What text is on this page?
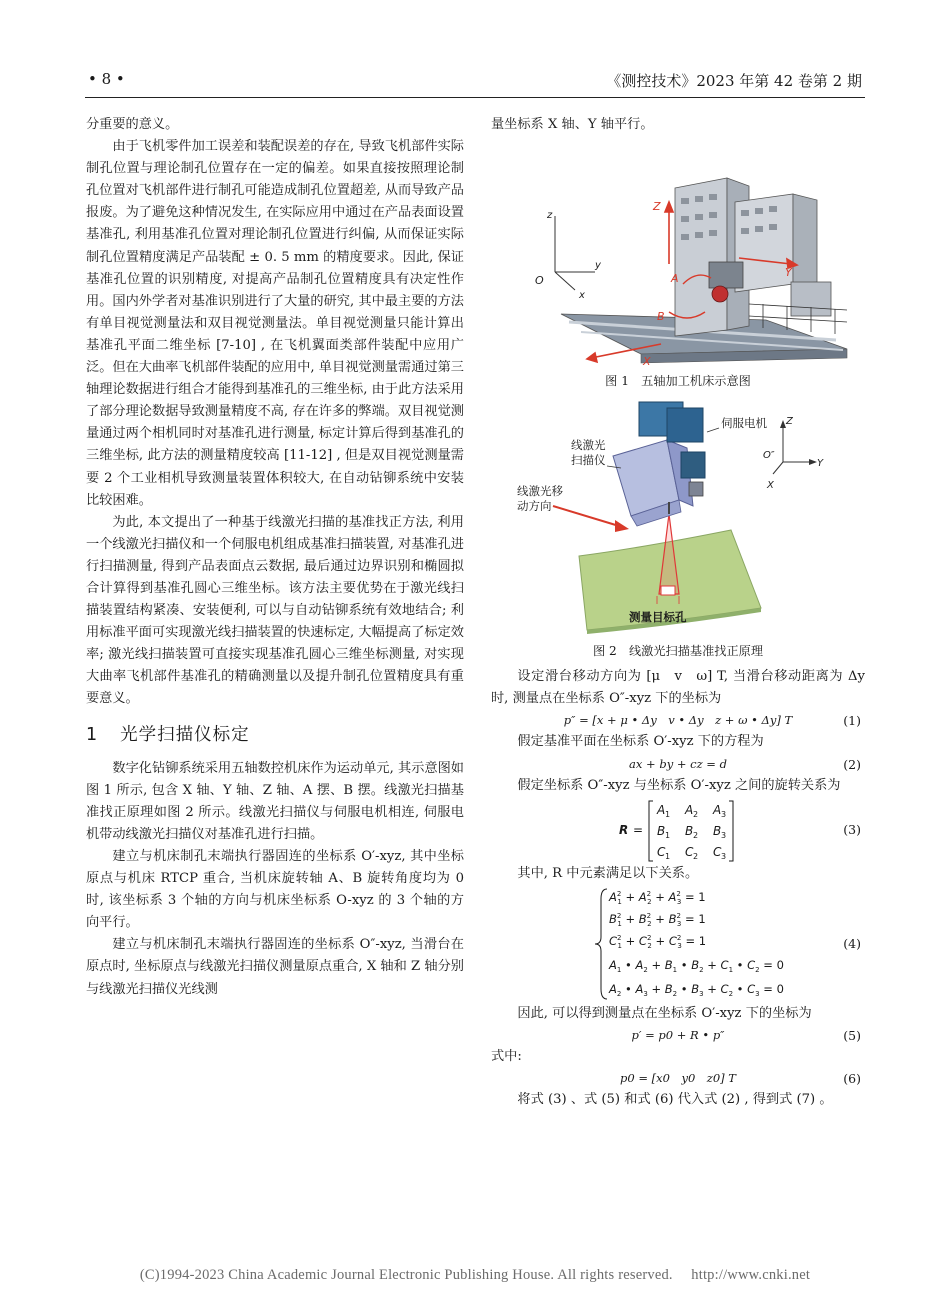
• 8 •	《测控技术》2023 年第 42 卷第 2 期

分重要的意义。

由于飞机零件加工误差和装配误差的存在, 导致飞机部件实际制孔位置与理论制孔位置存在一定的偏差。如果直接按照理论制孔位置对飞机部件进行制孔可能造成制孔位置超差, 从而导致产品报废。为了避免这种情况发生, 在实际应用中通过在产品表面设置基准孔, 利用基准孔位置对理论制孔位置进行纠偏, 从而保证实际制孔位置精度满足产品装配 ± 0. 5 mm 的精度要求。因此, 保证基准孔位置的识别精度, 对提高产品制孔位置精度具有决定性作用。国内外学者对基准识别进行了大量的研究, 其中最主要的方法有单目视觉测量法和双目视觉测量法。单目视觉测量只能计算出基准孔平面二维坐标 [7-10] , 在飞机翼面类部件装配中应用广泛。但在大曲率飞机部件装配的应用中, 单目视觉测量需通过第三轴理论数据进行组合才能得到基准孔的三维坐标, 由于此方法采用了部分理论数据导致测量精度不高, 存在许多的弊端。双目视觉测量通过两个相机同时对基准孔进行测量, 标定计算后得到基准孔的三维坐标, 此方法的测量精度较高 [11-12] , 但是双目视觉测量需要 2 个工业相机导致测量装置体积较大, 在自动钻铆系统中安装比较困难。

为此, 本文提出了一种基于线激光扫描的基准找正方法, 利用一个线激光扫描仪和一个伺服电机组成基准扫描装置, 对基准孔进行扫描测量, 得到产品表面点云数据, 最后通过边界识别和椭圆拟合计算得到基准孔圆心三维坐标。该方法主要优势在于激光线扫描装置结构紧凑、安装便利, 可以与自动钻铆系统有效地结合; 利用标准平面可实现激光线扫描装置的快速标定, 大幅提高了标定效率; 激光线扫描装置可直接实现基准孔圆心三维坐标测量, 对实现大曲率飞机部件基准孔的精确测量以及提升制孔位置精度具有重要意义。

1 光学扫描仪标定

数字化钻铆系统采用五轴数控机床作为运动单元, 其示意图如图 1 所示, 包含 X 轴、Y 轴、Z 轴、A 摆、B 摆。线激光扫描基准找正原理如图 2 所示。线激光扫描仪与伺服电机相连, 伺服电机带动线激光扫描仪对基准孔进行扫描。

建立与机床制孔末端执行器固连的坐标系 O′-xyz, 其中坐标原点与机床 RTCP 重合, 当机床旋转轴 A、B 旋转角度均为 0 时, 该坐标系 3 个轴的方向与机床坐标系 O-xyz 的 3 个轴的方向平行。

建立与机床制孔末端执行器固连的坐标系 O″-xyz, 当滑台在原点时, 坐标原点与线激光扫描仪测量原点重合, X 轴和 Z 轴分别与线激光扫描仪光线测

量坐标系 X 轴、Y 轴平行。

z
y
x
O
Z
Y
X
A
B

图 1　五轴加工机床示意图

Z
Y
X
O″
线激光扫描仪
伺服电机
线激光移动方向
测量目标孔

图 2　线激光扫描基准找正原理

设定滑台移动方向为 [μ　v　ω] T, 当滑台移动距离为 Δy 时, 测量点在坐标系 O″-xyz 下的坐标为

p″ = [x + μ • Δy　v • Δy　z + ω • Δy] T	(1)

假定基准平面在坐标系 O′-xyz 下的方程为

ax + by + cz = d	(2)

假定坐标系 O″-xyz 与坐标系 O′-xyz 之间的旋转关系为

R =
A 1 A 2 A 3
B 1 B 2 B 3
C 1 C 2 C 3
(3)

其中, R 中元素满足以下关系。

$A^2$ $1 + A^2$ $2 + A^2$ 3 = 1
$B^2$ $1 + B^2$ $2 + B^2$ 3 = 1
$C^2$ $1 + C^2$ $2 + C^2$ 3 = 1
$A_1$ • $A_2 + B_1$ • $B_2 + C_1$ • $C_2 = 0$
$A_2$ • $A_3 + B_2$ • $B_3 + C_2$ • $C_3 = 0$
(4)

因此, 可以得到测量点在坐标系 O′-xyz 下的坐标为

p′ = p0 + R • p″	(5)

式中:

p0 = [x0　y0　z0] T	(6)

将式 (3) 、式 (5) 和式 (6) 代入式 (2) , 得到式 (7) 。

(C)1994-2023 China Academic Journal Electronic Publishing House. All rights reserved.　 http://www.cnki.net
